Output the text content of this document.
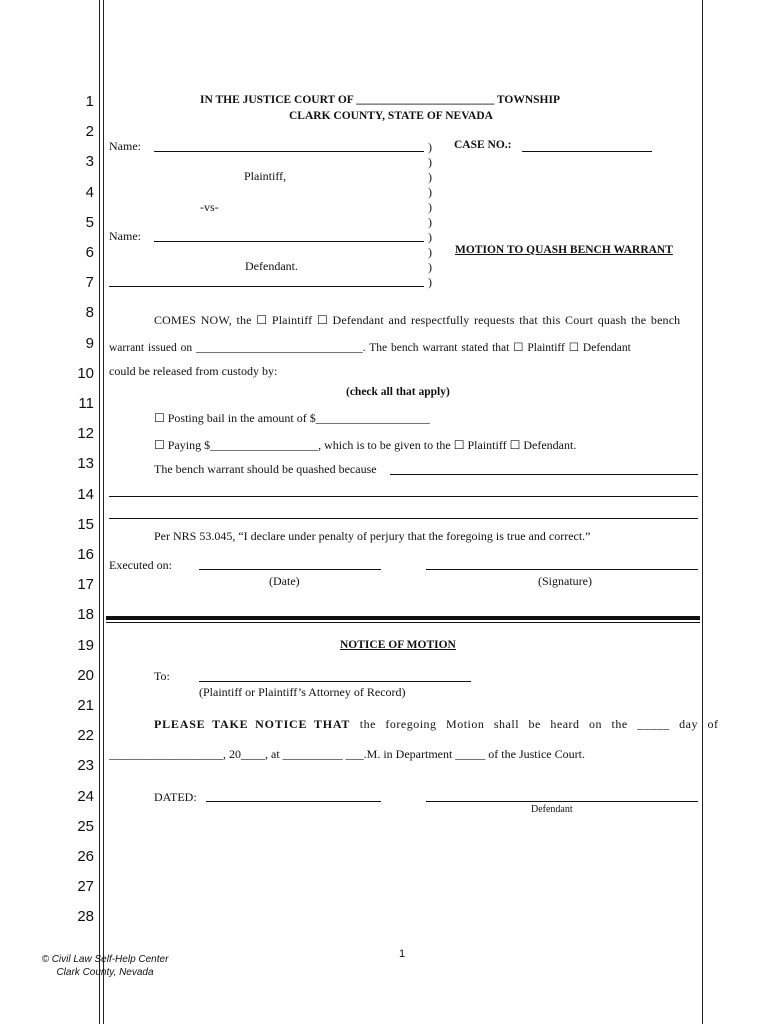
1
2
3
4
5
6
7
8
9
10
11
12
13
14
15
16
17
18
19
20
21
22
23
24
25
26
27
28
IN THE JUSTICE COURT OF ________________________ TOWNSHIP
CLARK COUNTY, STATE OF NEVADA
Name:
Plaintiff,
-vs-
Name:
Defendant.
)
)
)
)
)
)
)
)
)
)
CASE NO.:
MOTION TO QUASH BENCH WARRANT
COMES NOW, the ☐ Plaintiff ☐ Defendant and respectfully requests that this Court quash the bench
warrant issued on _____________________________. The bench warrant stated that ☐ Plaintiff ☐ Defendant
could be released from custody by:
(check all that apply)
☐ Posting bail in the amount of $___________________
☐ Paying $__________________, which is to be given to the ☐ Plaintiff ☐ Defendant.
The bench warrant should be quashed because
Per NRS 53.045, “I declare under penalty of perjury that the foregoing is true and correct.”
Executed on:
(Date)	(Signature)
NOTICE OF MOTION
To:
(Plaintiff or Plaintiff’s Attorney of Record)
PLEASE TAKE NOTICE THAT the foregoing Motion shall be heard on the _____ day of
___________________, 20____, at __________ ___.M. in Department _____ of the Justice Court.
DATED:
Defendant
© Civil Law Self-Help Center
Clark County, Nevada
1
